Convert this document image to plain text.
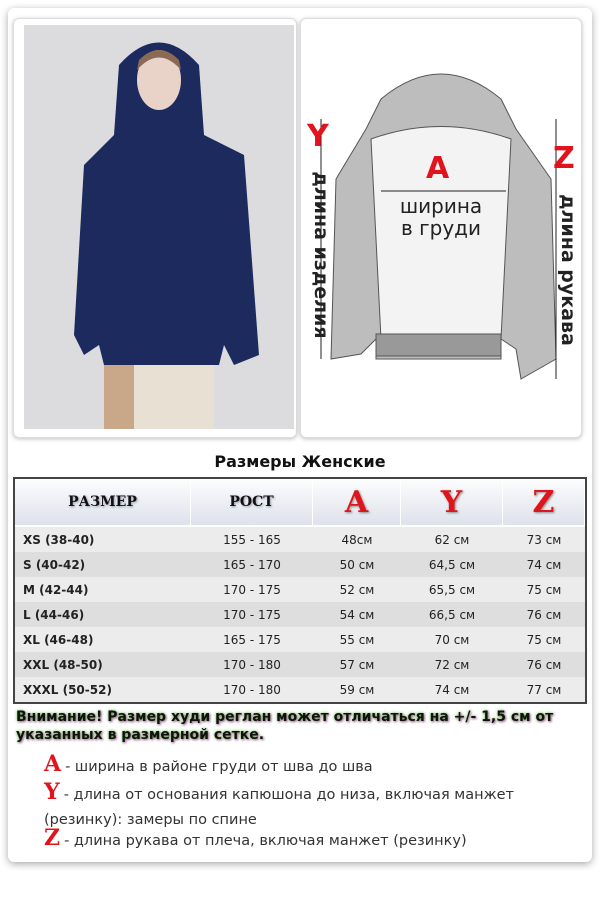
A
Y
Z
ширина
в груди
длина изделия	длина рукава
Размеры Женские
РАЗМЕР	РОСТ	A	Y	Z
XS (38-40)	155 - 165	48см	62 см	73 см
S (40-42)	165 - 170	50 см	64,5 см	74 см
M (42-44)	170 - 175	52 см	65,5 см	75 см
L (44-46)	170 - 175	54 см	66,5 см	76 см
XL (46-48)	165 - 175	55 см	70 см	75 см
XXL (48-50)	170 - 180	57 см	72 см	76 см
XXXL (50-52)	170 - 180	59 см	74 см	77 см
Внимание! Размер худи реглан может отличаться на +/- 1,5 см от указанных в размерной сетке.
A - ширина в районе груди от шва до шва
Y - длина от основания капюшона до низа, включая манжет (резинку): замеры по спине
Z - длина рукава от плеча, включая манжет (резинку)
